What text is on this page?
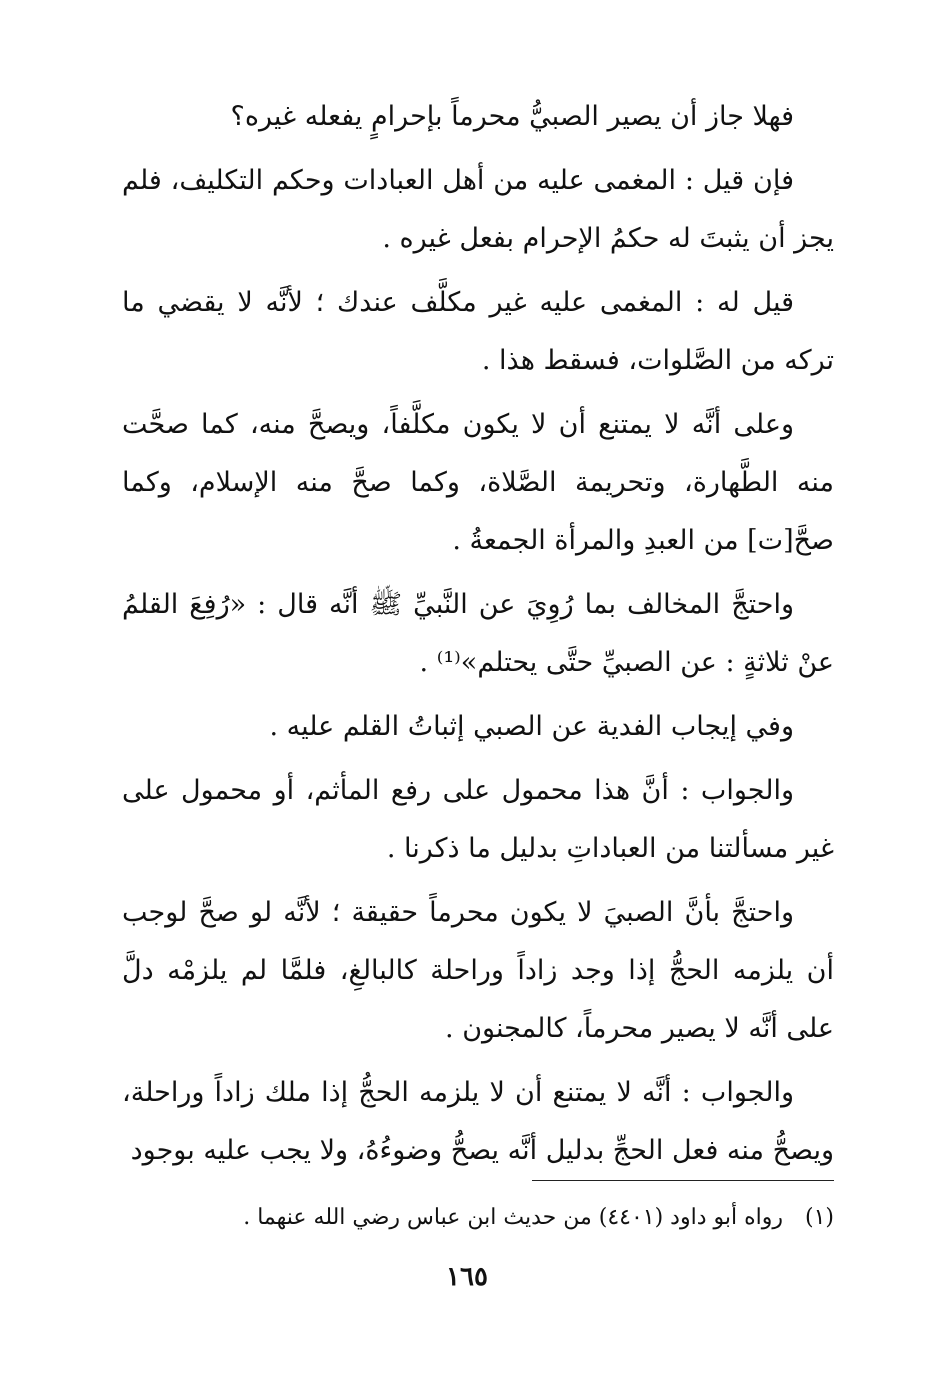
فهلا جاز أن يصير الصبيُّ محرماً بإحرامٍ يفعله غيره؟

فإن قيل : المغمى عليه من أهل العبادات وحكم التكليف، فلم يجز أن يثبتَ له حكمُ الإحرام بفعل غيره .

قيل له : المغمى عليه غير مكلَّف عندك ؛ لأنَّه لا يقضي ما تركه من الصَّلوات، فسقط هذا .

وعلى أنَّه لا يمتنع أن لا يكون مكلَّفاً، ويصحَّ منه، كما صحَّت منه الطَّهارة، وتحريمة الصَّلاة، وكما صحَّ منه الإسلام، وكما صحَّ[ت] من العبدِ والمرأة الجمعةُ .

واحتجَّ المخالف بما رُوِيَ عن النَّبيِّ ﷺ أنَّه قال : «رُفِعَ القلمُ عنْ ثلاثةٍ : عن الصبيِّ حتَّى يحتلم»⁽¹⁾ .

وفي إيجاب الفدية عن الصبي إثباتُ القلم عليه .

والجواب : أنَّ هذا محمول على رفع المأثم، أو محمول على غير مسألتنا من العباداتِ بدليل ما ذكرنا .

واحتجَّ بأنَّ الصبيَ لا يكون محرماً حقيقة ؛ لأنَّه لو صحَّ لوجب أن يلزمه الحجُّ إذا وجد زاداً وراحلة كالبالغِ، فلمَّا لم يلزمْه دلَّ على أنَّه لا يصير محرماً، كالمجنون .

والجواب : أنَّه لا يمتنع أن لا يلزمه الحجُّ إذا ملك زاداً وراحلة، ويصحُّ منه فعل الحجِّ بدليل أنَّه يصحُّ وضوءُهُ، ولا يجب عليه بوجود

(١)رواه أبو داود (٤٤٠١) من حديث ابن عباس رضي الله عنهما .
١٦٥
